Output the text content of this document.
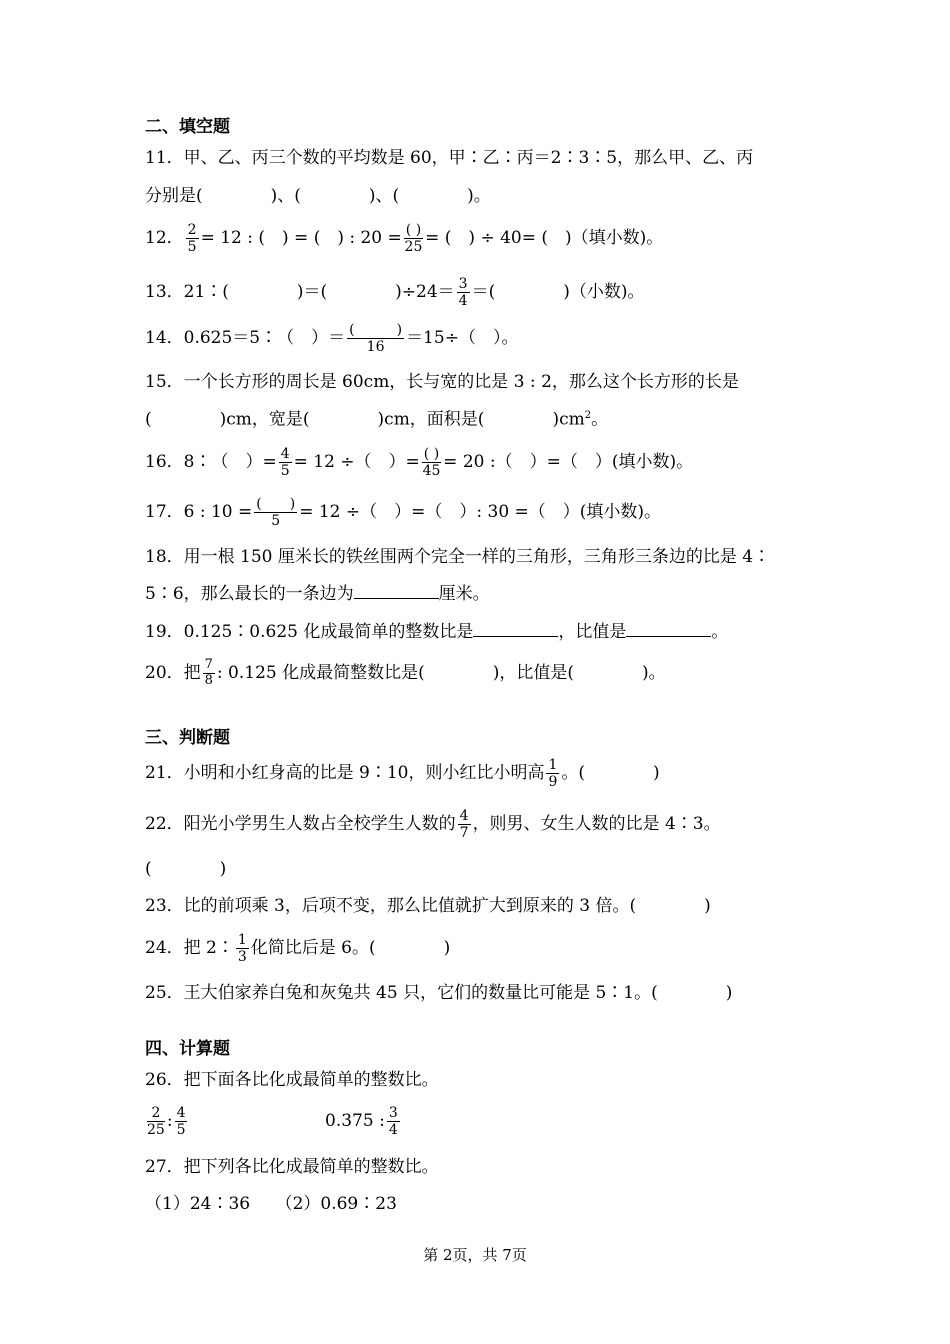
二、填空题
11．甲、乙、丙三个数的平均数是 60，甲∶乙∶丙＝2∶3∶5，那么甲、乙、丙
分别是(　　　　)、(　　　　)、(　　　　)。
12． $\frac{2}{5} = 12$ : (　) = (　) : $20 = \frac{( )}{25}$ = (　) ÷ 40= (　)（填小数)。
13．21∶(　　　　)＝(　　　　)$\div 24= \frac{3}{4}$ ＝(　　　　)（小数)。
14．0.625＝5∶（　）＝ $\frac{( )}{16} =15\div$（　）。
15．一个长方形的周长是 60cm，长与宽的比是 3 : 2，那么这个长方形的长是
(　　　　)cm，宽是(　　　　)cm，面积是(　　　　)$cm^2$。
16．8∶（　）= $\frac{4}{5} = 12$ ÷（　）= $\frac{( )}{45} = 20$ :（　）=（　）(填小数)。
17．6 : $10 = \frac{( )}{5} = 12$ ÷（　）=（　）: 30 =（　）(填小数)。
18．用一根 150 厘米长的铁丝围两个完全一样的三角形，三角形三条边的比是 4∶
5∶6，那么最长的一条边为	厘米。
19．0.125∶0.625 化成最简单的整数比是	，比值是	。
20．把 $\frac{7}{8}$ : 0.125 化成最简整数比是(　　　　)，比值是(　　　　)。
三、判断题
21．小明和小红身高的比是 9∶10，则小红比小明高 $\frac{1}{9}$ 。(　　　　)
22．阳光小学男生人数占全校学生人数的 $\frac{4}{7}$ ，则男、女生人数的比是 4∶3。
(　　　　)
23．比的前项乘 3，后项不变，那么比值就扩大到原来的 3 倍。(　　　　)
24．把 2∶ $\frac{1}{3}$ 化简比后是 6。(　　　　)
25．王大伯家养白兔和灰兔共 45 只，它们的数量比可能是 5∶1。(　　　　)
四、计算题
26．把下面各比化成最简单的整数比。
$\frac{2}{25}$ : $\frac{4}{5}$	0.375 : $\frac{3}{4}$
27．把下列各比化成最简单的整数比。
（1）24∶36　　（2）0.69∶23
第 2页，共 7页
